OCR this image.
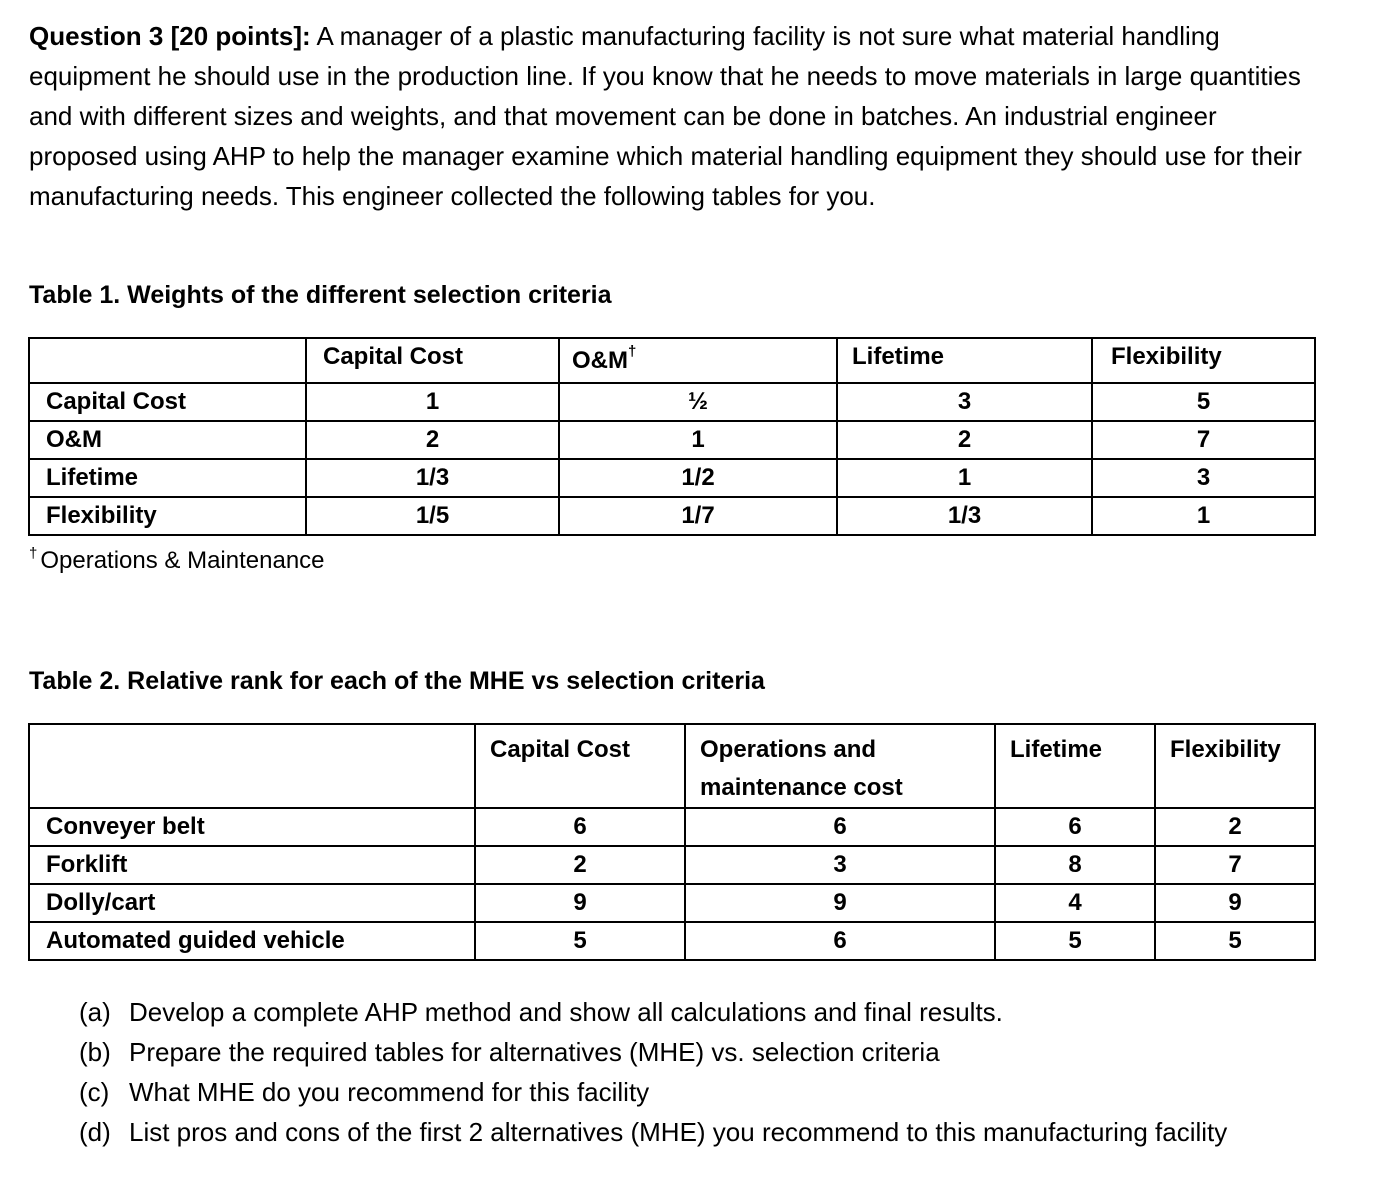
Question 3 [20 points]: A manager of a plastic manufacturing facility is not sure what material handling equipment he should use in the production line. If you know that he needs to move materials in large quantities and with different sizes and weights, and that movement can be done in batches. An industrial engineer proposed using AHP to help the manager examine which material handling equipment they should use for their manufacturing needs. This engineer collected the following tables for you.

Table 1. Weights of the different selection criteria

	Capital Cost	O&M†	Lifetime	Flexibility
Capital Cost	1	½	3	5
O&M	2	1	2	7
Lifetime	1/3	1/2	1	3
Flexibility	1/5	1/7	1/3	1

† Operations & Maintenance

Table 2. Relative rank for each of the MHE vs selection criteria

	Capital Cost	Operations and maintenance cost	Lifetime	Flexibility
Conveyer belt	6	6	6	2
Forklift	2	3	8	7
Dolly/cart	9	9	4	9
Automated guided vehicle	5	6	5	5
(a) Develop a complete AHP method and show all calculations and final results.
(b) Prepare the required tables for alternatives (MHE) vs. selection criteria
(c) What MHE do you recommend for this facility
(d) List pros and cons of the first 2 alternatives (MHE) you recommend to this manufacturing facility
